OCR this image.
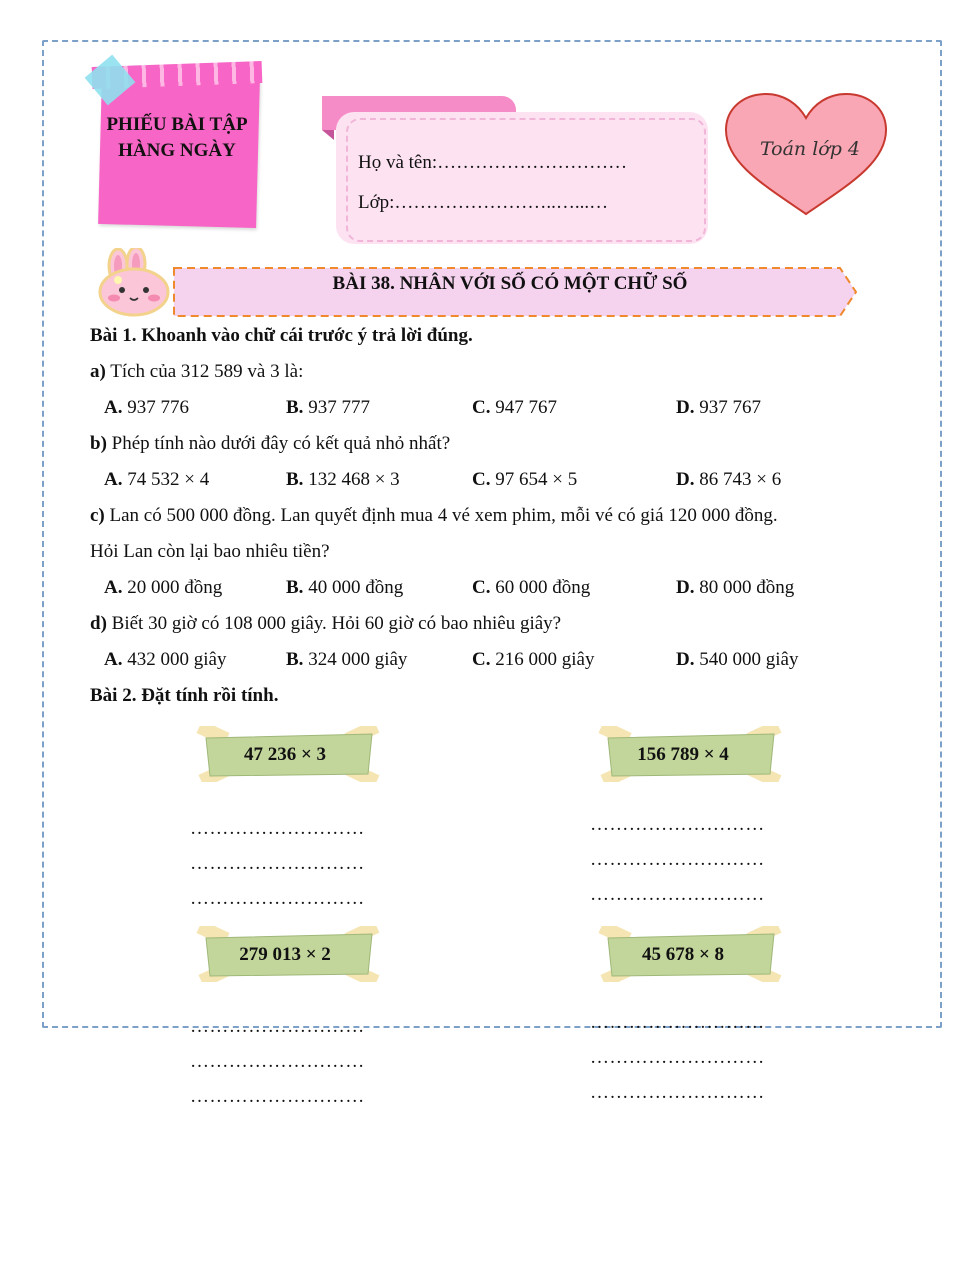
PHIẾU BÀI TẬP HÀNG NGÀY
Họ và tên:…………………………
Lớp:……………………..…...…
Toán lớp 4
BÀI 38. NHÂN VỚI SỐ CÓ MỘT CHỮ SỐ
Bài 1. Khoanh vào chữ cái trước ý trả lời đúng.
a) Tích của 312 589 và 3 là:
A. 937 776	B. 937 777	C. 947 767	D. 937 767
b) Phép tính nào dưới đây có kết quả nhỏ nhất?
A. 74 532 × 4	B. 132 468 × 3	C. 97 654 × 5	D. 86 743 × 6
c) Lan có 500 000 đồng. Lan quyết định mua 4 vé xem phim, mỗi vé có giá 120 000 đồng.
Hỏi Lan còn lại bao nhiêu tiền?
A. 20 000 đồng	B. 40 000 đồng	C. 60 000 đồng	D. 80 000 đồng
d) Biết 30 giờ có 108 000 giây. Hỏi 60 giờ có bao nhiêu giây?
A. 432 000 giây	B. 324 000 giây	C. 216 000 giây	D. 540 000 giây
Bài 2. Đặt tính rồi tính.
47 236 × 3	156 789 × 4
………………………
………………………
………………………
………………………
………………………
………………………
279 013 × 2	45 678 × 8
………………………
………………………
………………………
………………………
………………………
………………………
